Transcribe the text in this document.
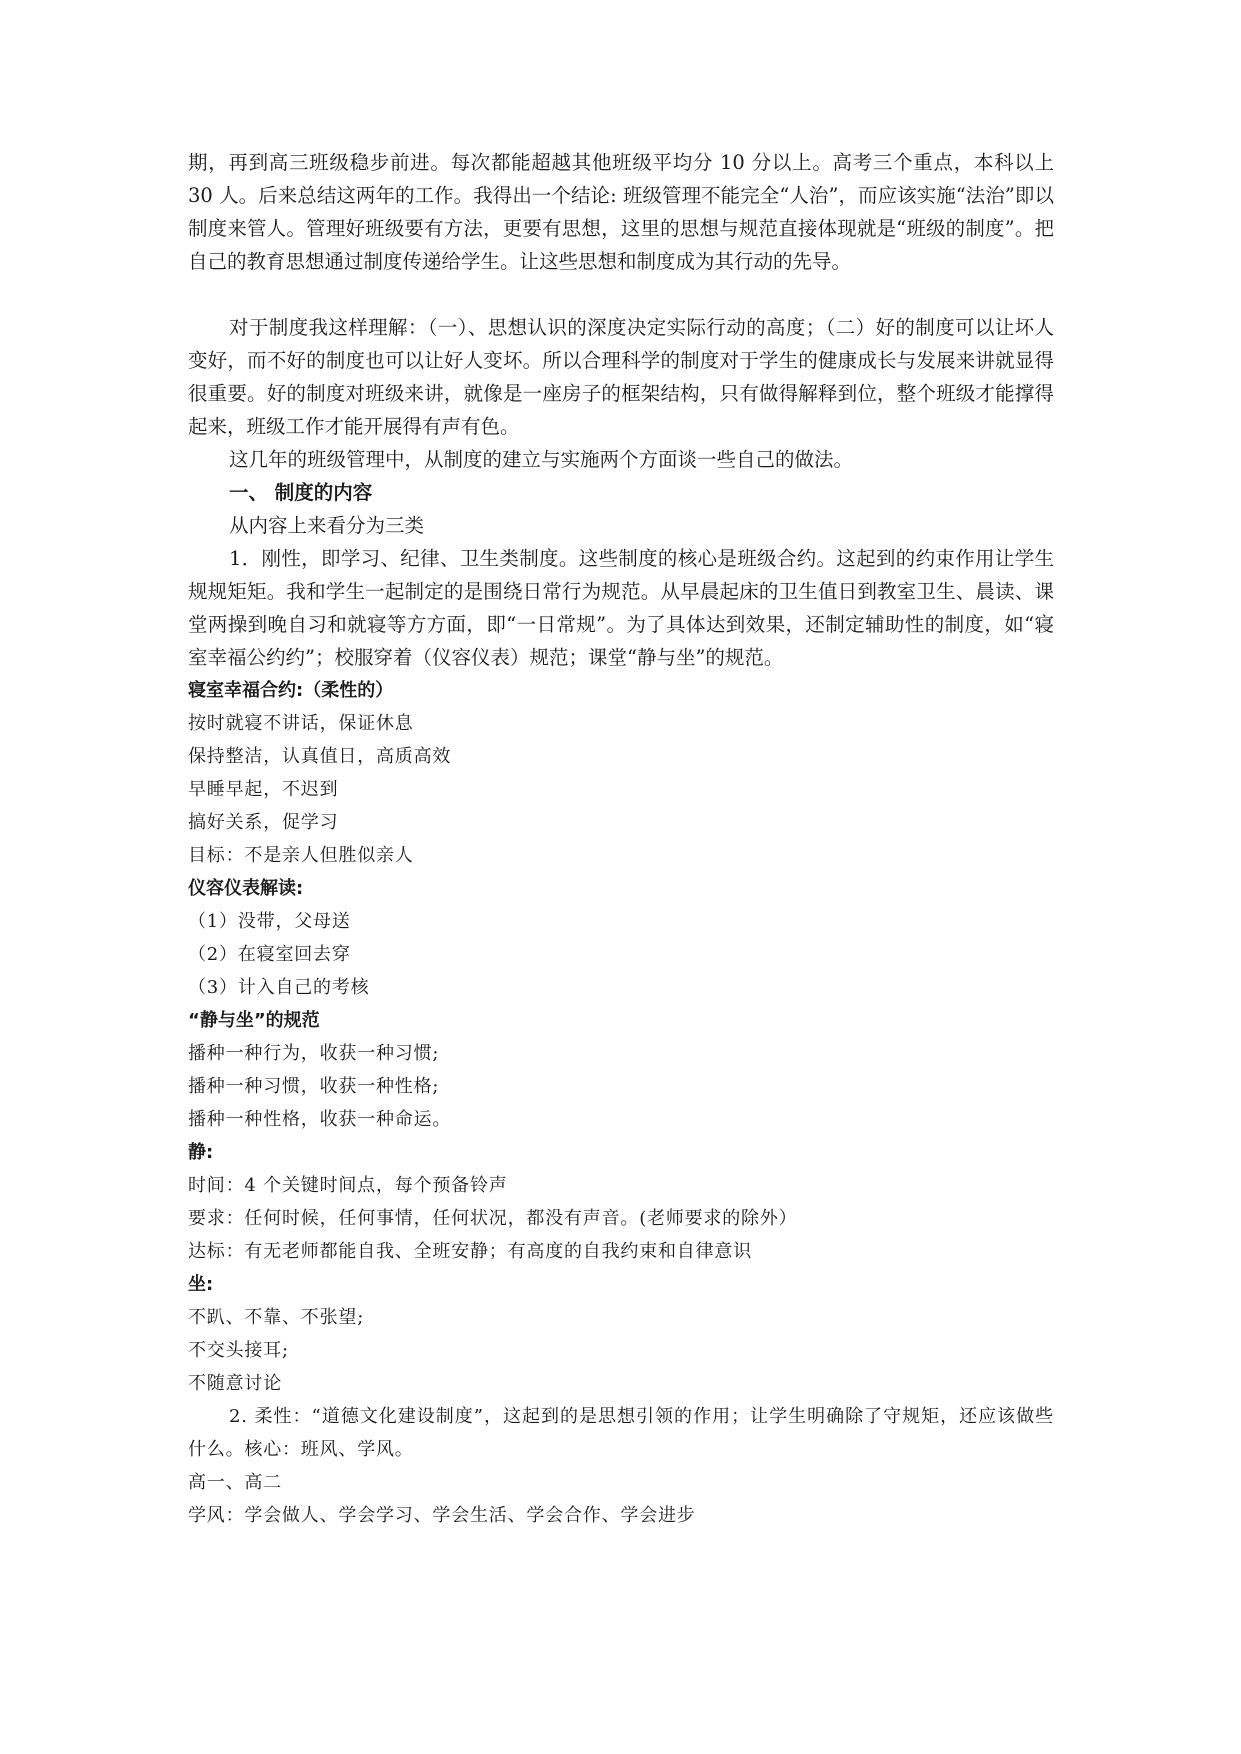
期，再到高三班级稳步前进。每次都能超越其他班级平均分 10 分以上。高考三个重点，本科以上 30 人。后来总结这两年的工作。我得出一个结论: 班级管理不能完全“人治”，而应该实施“法治”即以制度来管人。管理好班级要有方法，更要有思想，这里的思想与规范直接体现就是“班级的制度”。把自己的教育思想通过制度传递给学生。让这些思想和制度成为其行动的先导。

对于制度我这样理解：（一）、思想认识的深度决定实际行动的高度；（二）好的制度可以让坏人变好，而不好的制度也可以让好人变坏。所以合理科学的制度对于学生的健康成长与发展来讲就显得很重要。好的制度对班级来讲，就像是一座房子的框架结构，只有做得解释到位，整个班级才能撑得起来，班级工作才能开展得有声有色。

这几年的班级管理中，从制度的建立与实施两个方面谈一些自己的做法。

一、 制度的内容

从内容上来看分为三类

1．刚性，即学习、纪律、卫生类制度。这些制度的核心是班级合约。这起到的约束作用让学生规规矩矩。我和学生一起制定的是围绕日常行为规范。从早晨起床的卫生值日到教室卫生、晨读、课堂两操到晚自习和就寝等方方面，即“一日常规”。为了具体达到效果，还制定辅助性的制度，如“寝室幸福公约约”；校服穿着（仪容仪表）规范；课堂“静与坐”的规范。

寝室幸福合约:（柔性的）

按时就寝不讲话，保证休息

保持整洁，认真值日，高质高效

早睡早起，不迟到

搞好关系，促学习

目标：不是亲人但胜似亲人

仪容仪表解读:

（1）没带，父母送

（2）在寝室回去穿

（3）计入自己的考核

“静与坐”的规范

播种一种行为，收获一种习惯;

播种一种习惯，收获一种性格;

播种一种性格，收获一种命运。

静:

时间：4 个关键时间点，每个预备铃声

要求：任何时候，任何事情，任何状况，都没有声音。(老师要求的除外）

达标：有无老师都能自我、全班安静；有高度的自我约束和自律意识

坐:

不趴、不靠、不张望;

不交头接耳;

不随意讨论

2. 柔性：“道德文化建设制度”，这起到的是思想引领的作用；让学生明确除了守规矩，还应该做些什么。核心：班风、学风。

高一、高二

学风：学会做人、学会学习、学会生活、学会合作、学会进步
